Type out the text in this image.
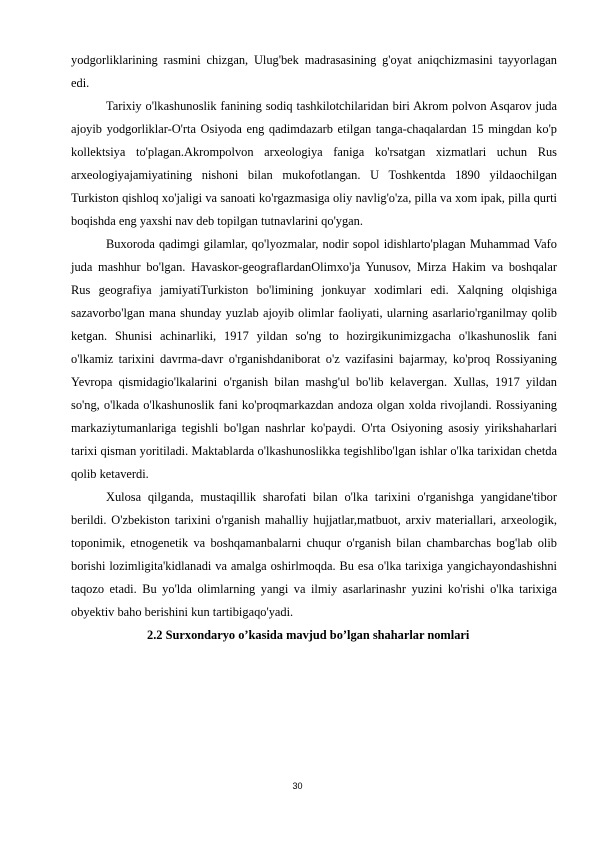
yodgorliklarining rasmini chizgan, Ulug'bek madrasasining g'oyat aniqchizmasini tayyorlagan edi.

Tarixiy o'lkashunoslik fanining sodiq tashkilotchilaridan biri Akrom polvon Asqarov juda ajoyib yodgorliklar-O'rta Osiyoda eng qadimdazarb etilgan tanga-chaqalardan 15 mingdan ko'p kollektsiya to'plagan.Akrompolvon arxeologiya faniga ko'rsatgan xizmatlari uchun Rus arxeologiyajamiyatining nishoni bilan mukofotlangan. U Toshkentda 1890 yildaochilgan Turkiston qishloq xo'jaligi va sanoati ko'rgazmasiga oliy navlig'o'za, pilla va xom ipak, pilla qurti boqishda eng yaxshi nav deb topilgan tutnavlarini qo'ygan.

Buxoroda qadimgi gilamlar, qo'lyozmalar, nodir sopol idishlarto'plagan Muhammad Vafo juda mashhur bo'lgan. Havaskor-geograflardanOlimxo'ja Yunusov, Mirza Hakim va boshqalar Rus geografiya jamiyatiTurkiston bo'limining jonkuyar xodimlari edi. Xalqning olqishiga sazavorbo'lgan mana shunday yuzlab ajoyib olimlar faoliyati, ularning asarlario'rganilmay qolib ketgan. Shunisi achinarliki, 1917 yildan so'ng to hozirgikunimizgacha o'lkashunoslik fani o'lkamiz tarixini davrma-davr o'rganishdaniborat o'z vazifasini bajarmay, ko'proq Rossiyaning Yevropa qismidagio'lkalarini o'rganish bilan mashg'ul bo'lib kelavergan. Xullas, 1917 yildan so'ng, o'lkada o'lkashunoslik fani ko'proqmarkazdan andoza olgan xolda rivojlandi. Rossiyaning markaziytumanlariga tegishli bo'lgan nashrlar ko'paydi. O'rta Osiyoning asosiy yirikshaharlari tarixi qisman yoritiladi. Maktablarda o'lkashunoslikka tegishlibo'lgan ishlar o'lka tarixidan chetda qolib ketaverdi.

Xulosa qilganda, mustaqillik sharofati bilan o'lka tarixini o'rganishga yangidane'tibor berildi. O'zbekiston tarixini o'rganish mahalliy hujjatlar,matbuot, arxiv materiallari, arxeologik, toponimik, etnogenetik va boshqamanbalarni chuqur o'rganish bilan chambarchas bog'lab olib borishi lozimligita'kidlanadi va amalga oshirlmoqda. Bu esa o'lka tarixiga yangichayondashishni taqozo etadi. Bu yo'lda olimlarning yangi va ilmiy asarlarinashr yuzini ko'rishi o'lka tarixiga obyektiv baho berishini kun tartibigaqo'yadi.

2.2 Surxondaryo o’kasida mavjud bo’lgan shaharlar nomlari

30
